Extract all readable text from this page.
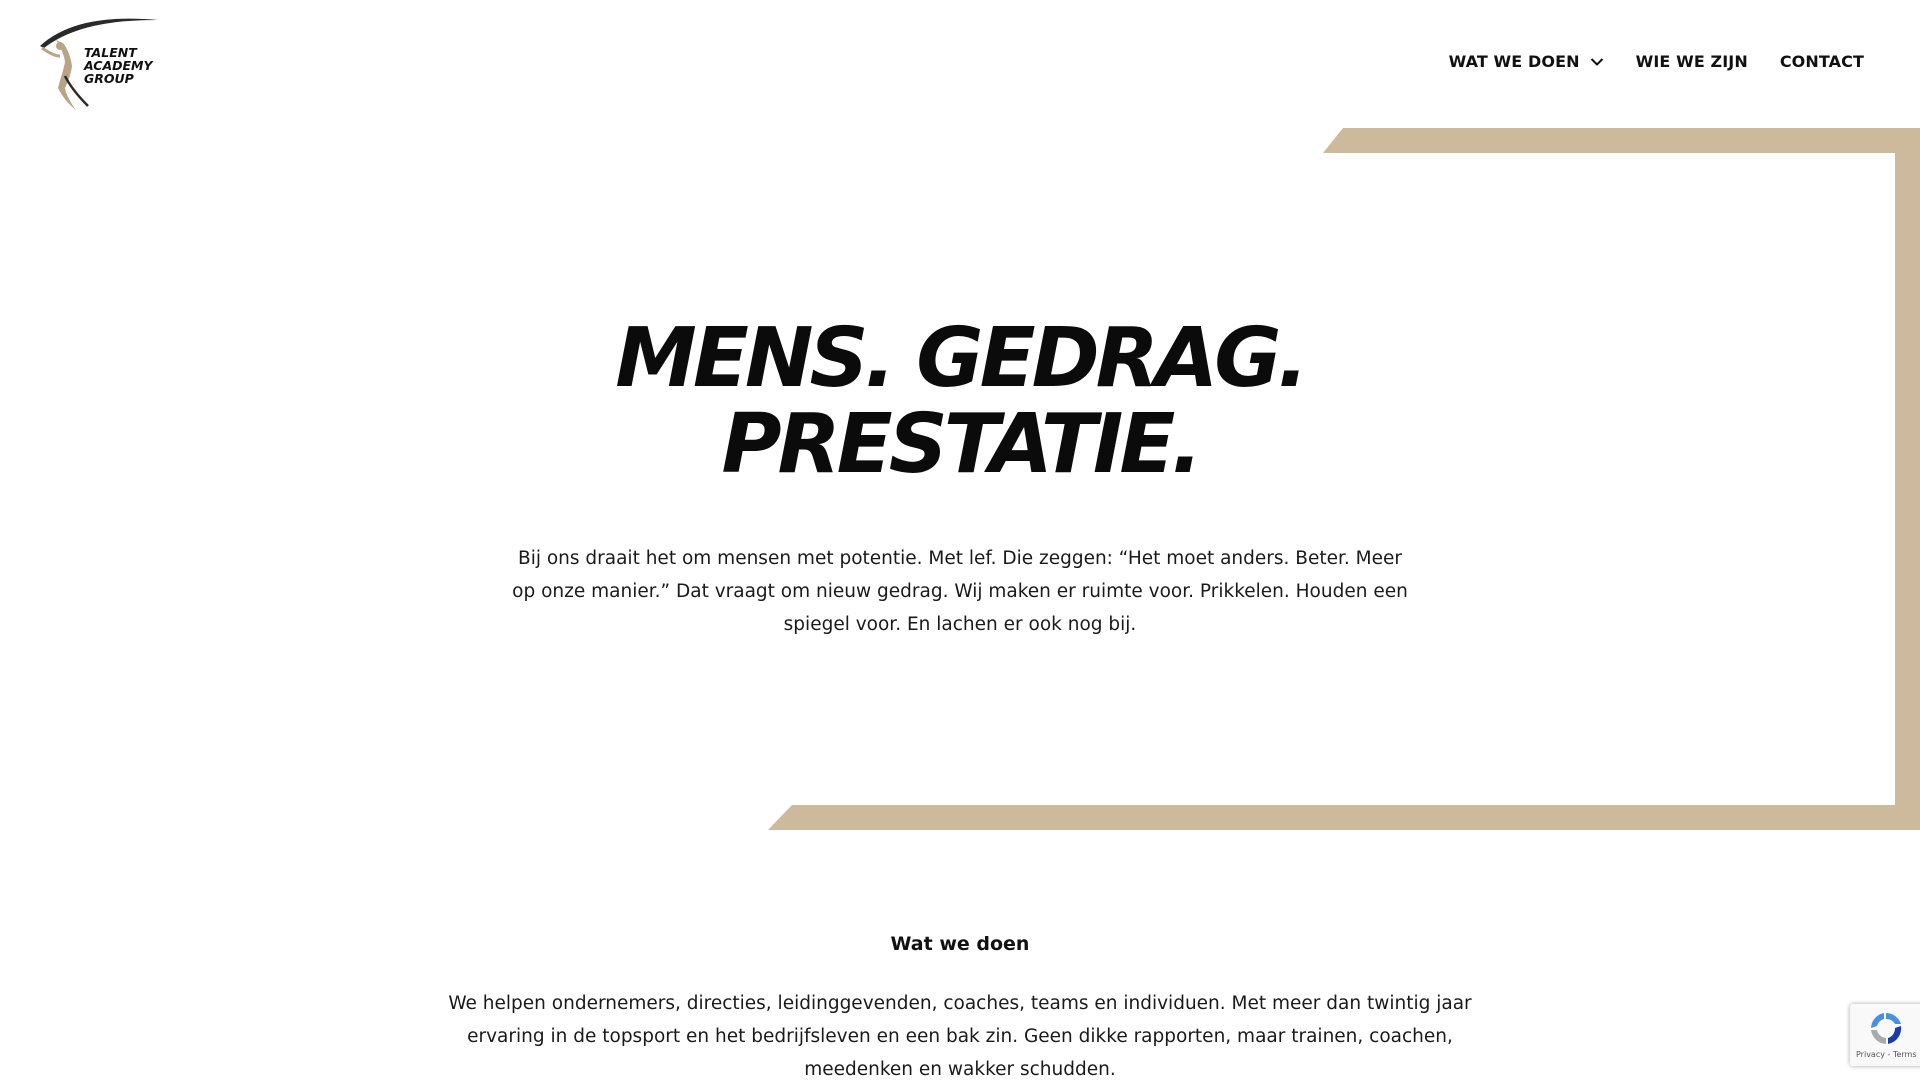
TALENT
ACADEMY
GROUP
WAT WE DOEN	WIE WE ZIJN CONTACT
MENS. GEDRAG.
PRESTATIE.

Bij ons draait het om mensen met potentie. Met lef. Die zeggen: “Het moet anders. Beter. Meer op onze manier.” Dat vraagt om nieuw gedrag. Wij maken er ruimte voor. Prikkelen. Houden een spiegel voor. En lachen er ook nog bij.

Wat we doen

We helpen ondernemers, directies, leidinggevenden, coaches, teams en individuen. Met meer dan twintig jaar ervaring in de topsport en het bedrijfsleven en een bak zin. Geen dikke rapporten, maar trainen, coachen, meedenken en wakker schudden.

Privacy - Terms
